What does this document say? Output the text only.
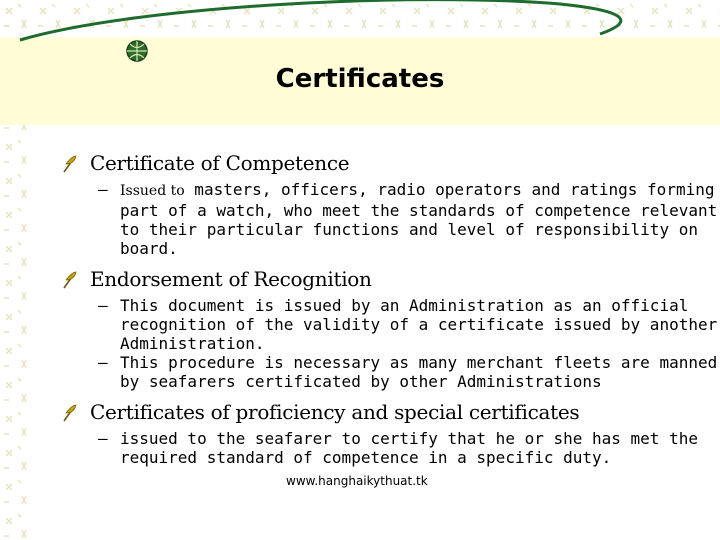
Certificates
Certificate of Competence
– Issued to masters, officers, radio operators and ratings forming part of a watch, who meet the standards of competence relevant to their particular functions and level of responsibility on board.
Endorsement of Recognition
– This document is issued by an Administration as an official recognition of the validity of a certificate issued by another Administration.
– This procedure is necessary as many merchant fleets are manned by seafarers certificated by other Administrations
Certificates of proficiency and special certificates
– issued to the seafarer to certify that he or she has met the required standard of competence in a specific duty.
www.hanghaikythuat.tk
